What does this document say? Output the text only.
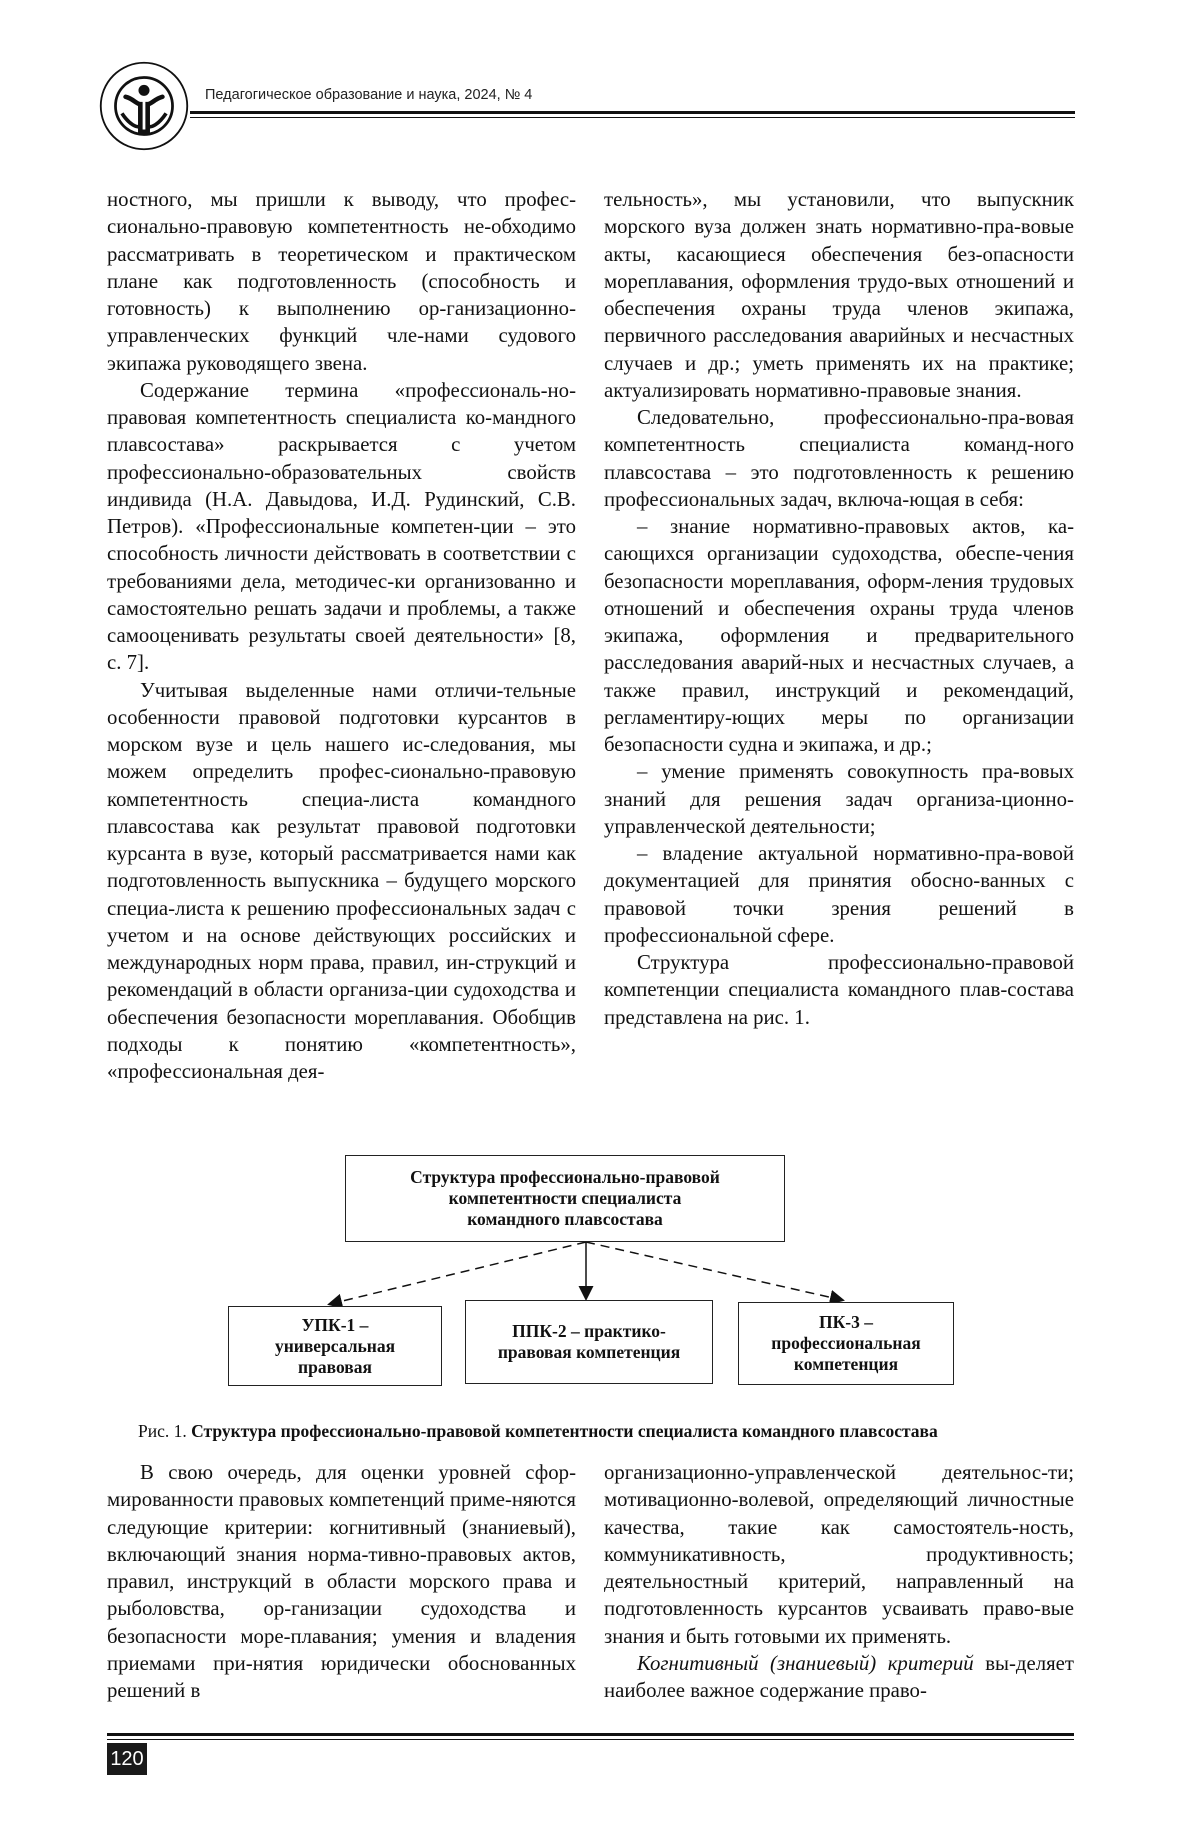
Педагогическое образование и наука, 2024, № 4

ностного, мы пришли к выводу, что профес-сионально-правовую компетентность не-обходимо рассматривать в теоретическом и практическом плане как подготовленность (способность и готовность) к выполнению ор-ганизационно-управленческих функций чле-нами судового экипажа руководящего звена.

Содержание термина «профессиональ-но-правовая компетентность специалиста ко-мандного плавсостава» раскрывается с учетом профессионально-образовательных свойств индивида (Н.А. Давыдова, И.Д. Рудинский, С.В. Петров). «Профессиональные компетен-ции – это способность личности действовать в соответствии с требованиями дела, методичес-ки организованно и самостоятельно решать задачи и проблемы, а также самооценивать результаты своей деятельности» [8, с. 7].

Учитывая выделенные нами отличи-тельные особенности правовой подготовки курсантов в морском вузе и цель нашего ис-следования, мы можем определить профес-сионально-правовую компетентность специа-листа командного плавсостава как результат правовой подготовки курсанта в вузе, который рассматривается нами как подготовленность выпускника – будущего морского специа-листа к решению профессиональных задач с учетом и на основе действующих российских и международных норм права, правил, ин-струкций и рекомендаций в области организа-ции судоходства и обеспечения безопасности мореплавания. Обобщив подходы к понятию «компетентность», «профессиональная дея-

тельность», мы установили, что выпускник морского вуза должен знать нормативно-пра-вовые акты, касающиеся обеспечения без-опасности мореплавания, оформления трудо-вых отношений и обеспечения охраны труда членов экипажа, первичного расследования аварийных и несчастных случаев и др.; уметь применять их на практике; актуализировать нормативно-правовые знания.

Следовательно, профессионально-пра-вовая компетентность специалиста команд-ного плавсостава – это подготовленность к решению профессиональных задач, включа-ющая в себя:

– знание нормативно-правовых актов, ка-сающихся организации судоходства, обеспе-чения безопасности мореплавания, оформ-ления трудовых отношений и обеспечения охраны труда членов экипажа, оформления и предварительного расследования аварий-ных и несчастных случаев, а также правил, инструкций и рекомендаций, регламентиру-ющих меры по организации безопасности судна и экипажа, и др.;

– умение применять совокупность пра-вовых знаний для решения задач организа-ционно-управленческой деятельности;

– владение актуальной нормативно-пра-вовой документацией для принятия обосно-ванных с правовой точки зрения решений в профессиональной сфере.

Структура профессионально-правовой компетенции специалиста командного плав-состава представлена на рис. 1.

Структура профессионально-правовой
компетентности специалиста
командного плавсостава
УПК-1 –
универсальная
правовая
ППК-2 – практико-
правовая компетенция
ПК-3 –
профессиональная
компетенция
Рис. 1. Структура профессионально-правовой компетентности специалиста командного плавсостава

В свою очередь, для оценки уровней сфор-мированности правовых компетенций приме-няются следующие критерии: когнитивный (знаниевый), включающий знания норма-тивно-правовых актов, правил, инструкций в области морского права и рыболовства, ор-ганизации судоходства и безопасности море-плавания; умения и владения приемами при-нятия юридически обоснованных решений в

организационно-управленческой деятельнос-ти; мотивационно-волевой, определяющий личностные качества, такие как самостоятель-ность, коммуникативность, продуктивность; деятельностный критерий, направленный на подготовленность курсантов усваивать право-вые знания и быть готовыми их применять.

Когнитивный (знаниевый) критерий вы-деляет наиболее важное содержание право-

120
